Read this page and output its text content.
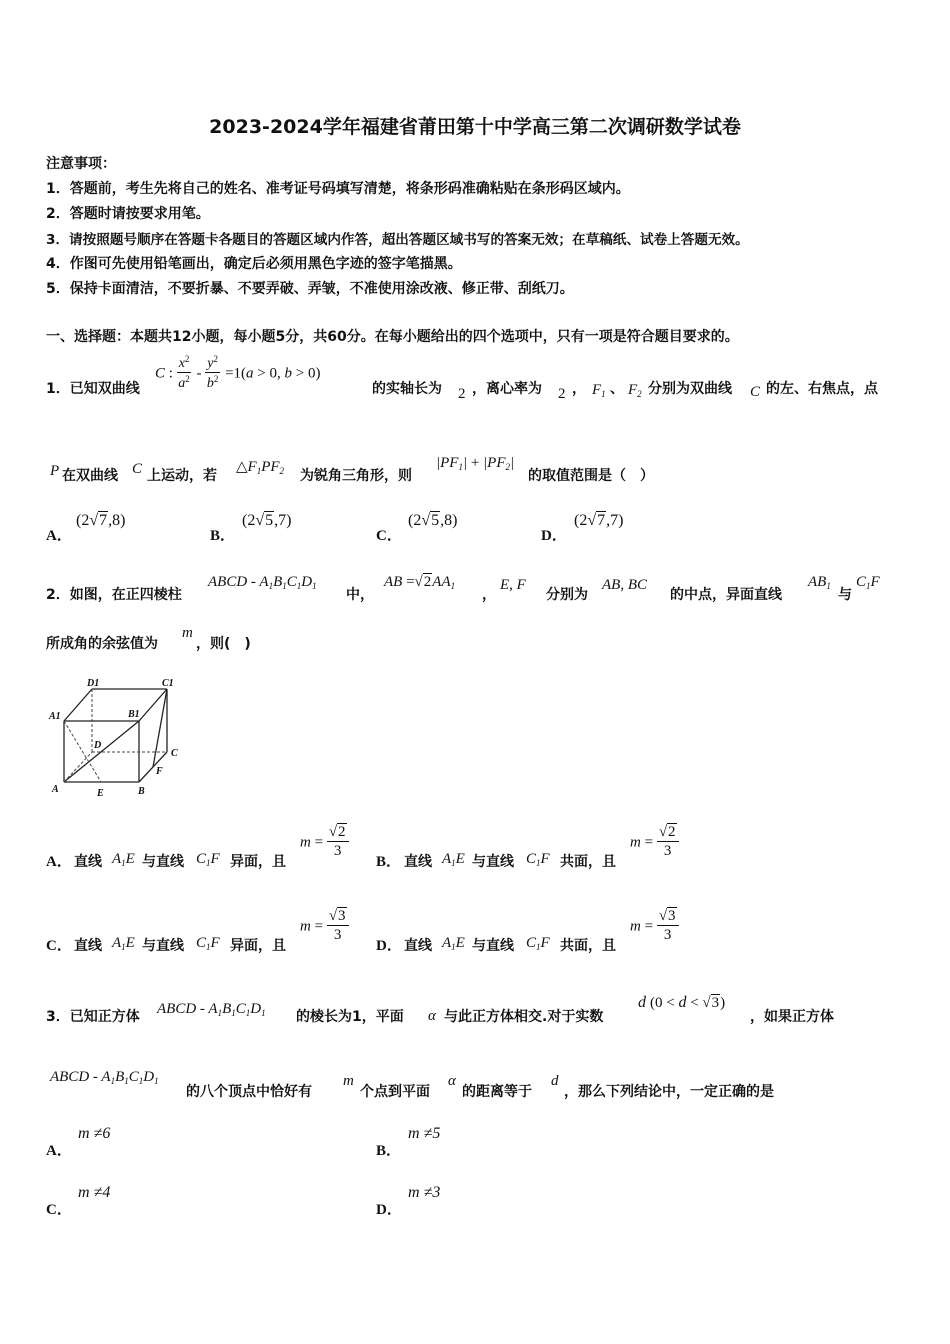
2023-2024学年福建省莆田第十中学高三第二次调研数学试卷
注意事项：
1．答题前，考生先将自己的姓名、准考证号码填写清楚，将条形码准确粘贴在条形码区域内。
2．答题时请按要求用笔。
3．请按照题号顺序在答题卡各题目的答题区域内作答，超出答题区域书写的答案无效；在草稿纸、试卷上答题无效。
4．作图可先使用铅笔画出，确定后必须用黑色字迹的签字笔描黑。
5．保持卡面清洁，不要折暴、不要弄破、弄皱，不准使用涂改液、修正带、刮纸刀。
一、选择题：本题共12小题，每小题5分，共60分。在每小题给出的四个选项中，只有一项是符合题目要求的。
1．已知双曲线
C : $\frac{x^2}{a^2} - \frac{y^2}{b^2} =1(a > 0$, b > 0)
的实轴长为 2 ，离心率为 2 ， $F_1$ 、 $F_2$ 分别为双曲线 C 的左、右焦点，点
P 在双曲线 C 上运动，若
$\triangle F_1PF_2$ 为锐角三角形，则
$|PF_1| + |PF_2|$
的取值范围是（　）
A．
(2√7,8)
B．
(2√5,7)
C．
(2√5,8)
D．
(2√7,7)
2．如图，在正四棱柱
ABCD - $A_1B_1C_1D_1$
中，
AB $=√2AA_1$
，
E, F
分别为
AB, BC
的中点，异面直线
$AB_1$
与
$C_1F$
所成角的余弦值为
m
，则(　)
D1	C1
A1	B1
D
C
F
A	E	B
A． 直线 $A_1E$ 与直线 $C_1F$ 异面，且
$m = \frac{√2}{3}$
B． 直线 $A_1E$ 与直线 $C_1F$ 共面，且
$m = \frac{√2}{3}$
C． 直线 $A_1E$ 与直线 $C_1F$ 异面，且
$m = \frac{√3}{3}$
D． 直线 $A_1E$ 与直线 $C_1F$ 共面，且
$m = \frac{√3}{3}$
3．已知正方体 ABCD - $A_1B_1C_1D_1$ 的棱长为1，平面 α 与此正方体相交.对于实数
d (0 < d < √3)
，如果正方体
ABCD - $A_1B_1C_1D_1$
的八个顶点中恰好有
m
个点到平面
α
的距离等于
d
，那么下列结论中，一定正确的是
A．
m ≠6
B．
m ≠5
C．
m ≠4
D．
m ≠3
